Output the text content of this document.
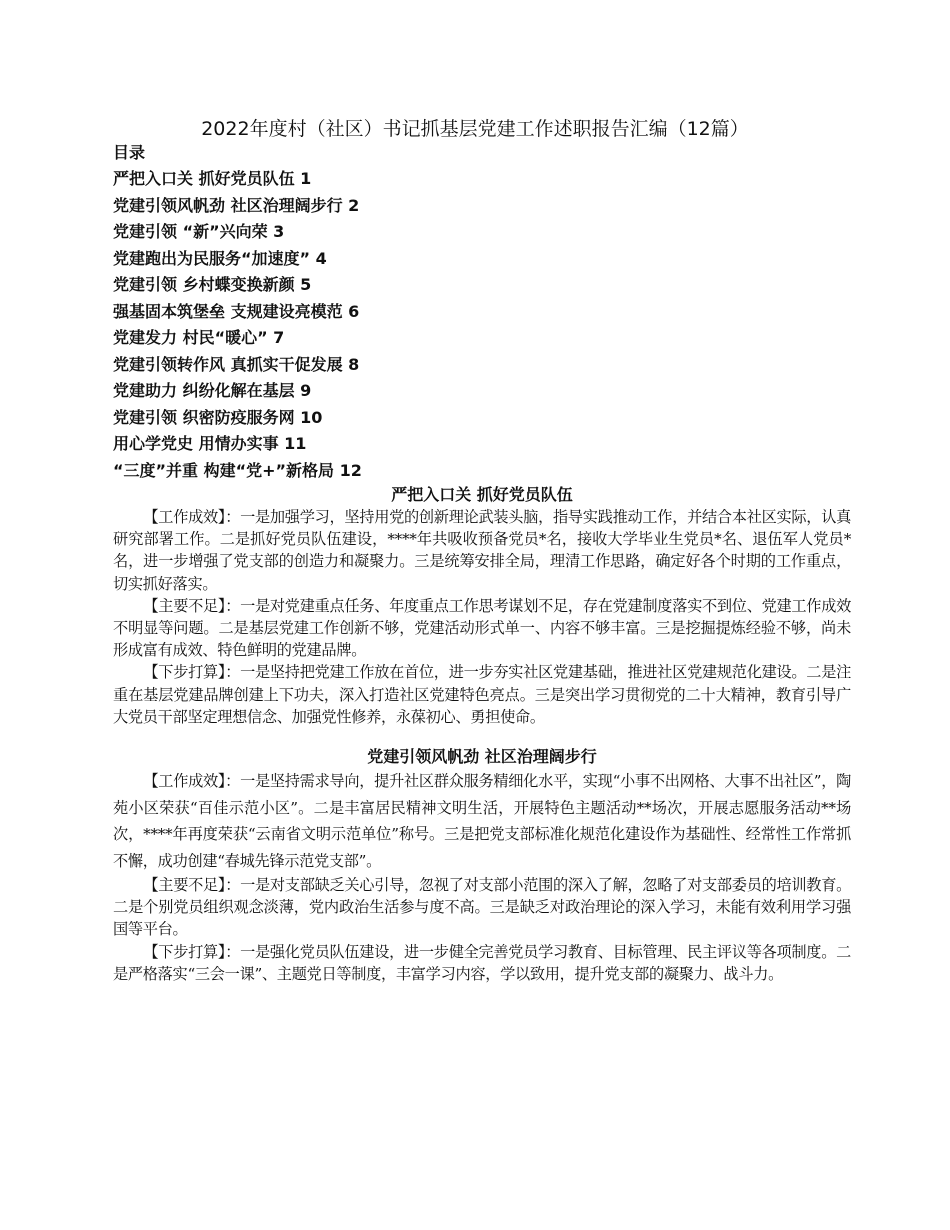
2022年度村（社区）书记抓基层党建工作述职报告汇编（12篇）
目录
严把入口关 抓好党员队伍 1
党建引领风帆劲 社区治理阔步行 2
党建引领 “新”兴向荣 3
党建跑出为民服务“加速度” 4
党建引领 乡村蝶变换新颜 5
强基固本筑堡垒 支规建设亮模范 6
党建发力 村民“暖心” 7
党建引领转作风 真抓实干促发展 8
党建助力 纠纷化解在基层 9
党建引领 织密防疫服务网 10
用心学党史 用情办实事 11
“三度”并重 构建“党+”新格局 12
严把入口关 抓好党员队伍

【工作成效】：一是加强学习，坚持用党的创新理论武装头脑，指导实践推动工作，并结合本社区实际，认真研究部署工作。二是抓好党员队伍建设，****年共吸收预备党员*名，接收大学毕业生党员*名、退伍军人党员*名，进一步增强了党支部的创造力和凝聚力。三是统筹安排全局，理清工作思路，确定好各个时期的工作重点，切实抓好落实。

【主要不足】：一是对党建重点任务、年度重点工作思考谋划不足，存在党建制度落实不到位、党建工作成效不明显等问题。二是基层党建工作创新不够，党建活动形式单一、内容不够丰富。三是挖掘提炼经验不够，尚未形成富有成效、特色鲜明的党建品牌。

【下步打算】：一是坚持把党建工作放在首位，进一步夯实社区党建基础，推进社区党建规范化建设。二是注重在基层党建品牌创建上下功夫，深入打造社区党建特色亮点。三是突出学习贯彻党的二十大精神，教育引导广大党员干部坚定理想信念、加强党性修养，永葆初心、勇担使命。

党建引领风帆劲 社区治理阔步行

【工作成效】：一是坚持需求导向，提升社区群众服务精细化水平，实现“小事不出网格、大事不出社区”，陶苑小区荣获“百佳示范小区”。二是丰富居民精神文明生活，开展特色主题活动**场次，开展志愿服务活动**场次，****年再度荣获“云南省文明示范单位”称号。三是把党支部标准化规范化建设作为基础性、经常性工作常抓不懈，成功创建“春城先锋示范党支部”。

【主要不足】：一是对支部缺乏关心引导，忽视了对支部小范围的深入了解，忽略了对支部委员的培训教育。二是个别党员组织观念淡薄，党内政治生活参与度不高。三是缺乏对政治理论的深入学习，未能有效利用学习强国等平台。

【下步打算】：一是强化党员队伍建设，进一步健全完善党员学习教育、目标管理、民主评议等各项制度。二是严格落实“三会一课”、主题党日等制度，丰富学习内容，学以致用，提升党支部的凝聚力、战斗力。
